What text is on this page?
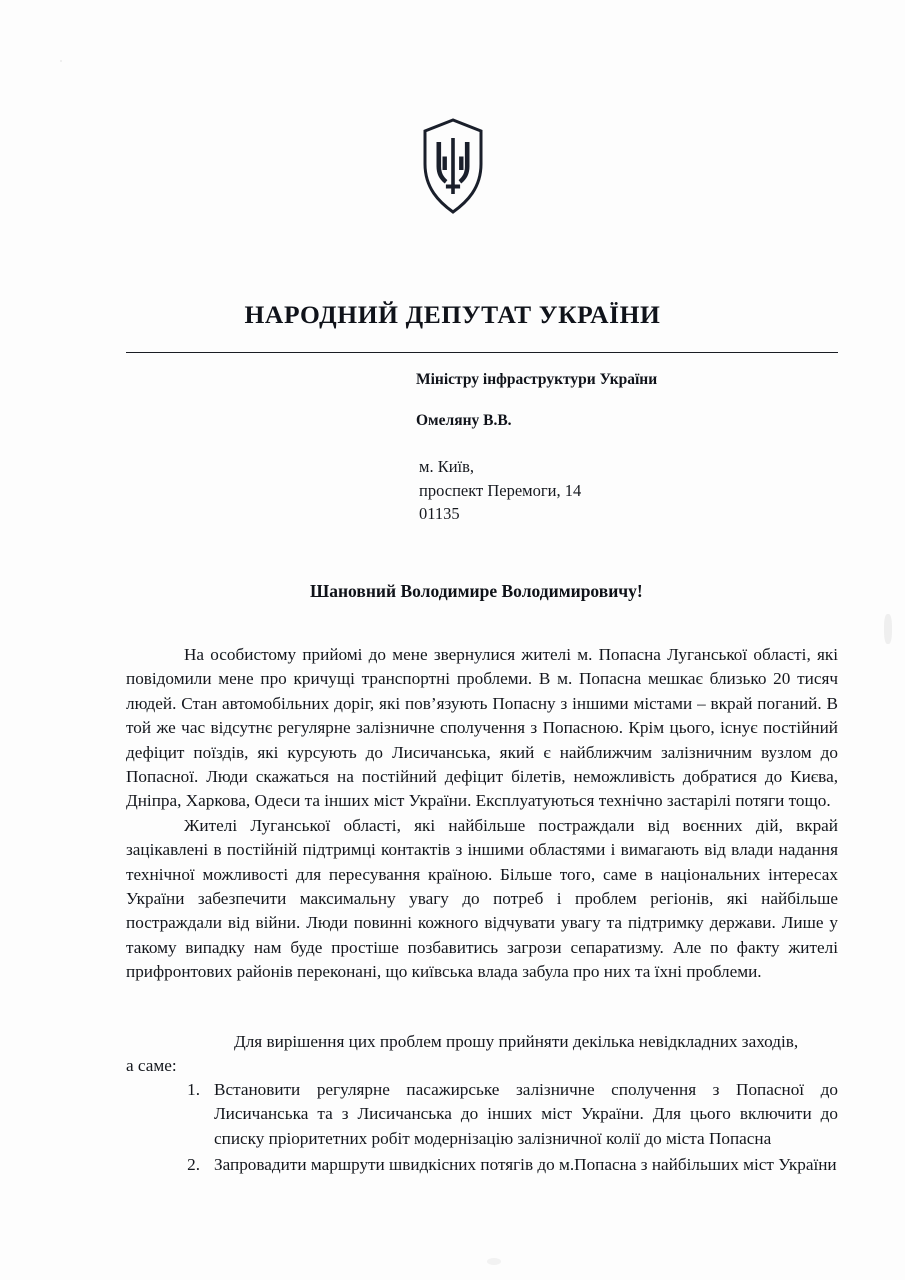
НАРОДНИЙ ДЕПУТАТ УКРАЇНИ
Міністру інфраструктури України
Омеляну В.В.
м. Київ,
проспект Перемоги, 14
01135
Шановний Володимире Володимировичу!

На особистому прийомі до мене звернулися жителі м. Попасна Луганської області, які повідомили мене про кричущі транспортні проблеми. В м. Попасна мешкає близько 20 тисяч людей. Стан автомобільних доріг, які пов’язують Попасну з іншими містами – вкрай поганий. В той же час відсутнє регулярне залізничне сполучення з Попасною. Крім цього, існує постійний дефіцит поїздів, які курсують до Лисичанська, який є найближчим залізничним вузлом до Попасної. Люди скажаться на постійний дефіцит білетів, неможливість добратися до Києва, Дніпра, Харкова, Одеси та інших міст України. Експлуатуються технічно застарілі потяги тощо.

Жителі Луганської області, які найбільше постраждали від воєнних дій, вкрай зацікавлені в постійній підтримці контактів з іншими областями і вимагають від влади надання технічної можливості для пересування країною. Більше того, саме в національних інтересах України забезпечити максимальну увагу до потреб і проблем регіонів, які найбільше постраждали від війни. Люди повинні кожного відчувати увагу та підтримку держави. Лише у такому випадку нам буде простіше позбавитись загрози сепаратизму. Але по факту жителі прифронтових районів переконані, що київська влада забула про них та їхні проблеми.

Для вирішення цих проблем прошу прийняти декілька невідкладних заходів,

а саме:

1. Встановити регулярне пасажирське залізничне сполучення з Попасної до Лисичанська та з Лисичанська до інших міст України. Для цього включити до списку пріоритетних робіт модернізацію залізничної колії до міста Попасна
2. Запровадити маршрути швидкісних потягів до м.Попасна з найбільших міст України
